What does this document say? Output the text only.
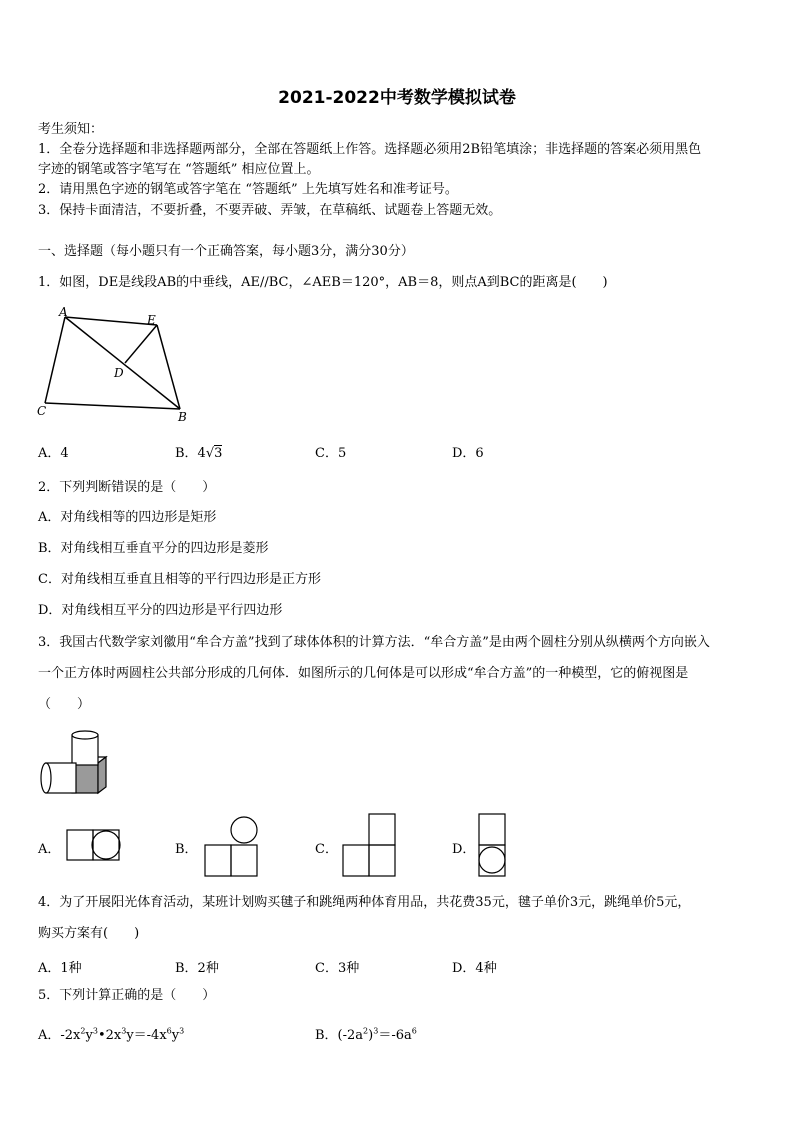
2021-2022中考数学模拟试卷
考生须知：
1．全卷分选择题和非选择题两部分，全部在答题纸上作答。选择题必须用2B铅笔填涂；非选择题的答案必须用黑色
字迹的钢笔或答字笔写在 “答题纸” 相应位置上。
2．请用黑色字迹的钢笔或答字笔在 “答题纸” 上先填写姓名和准考证号。
3．保持卡面清洁，不要折叠，不要弄破、弄皱，在草稿纸、试题卷上答题无效。
一、选择题（每小题只有一个正确答案，每小题3分，满分30分）
1．如图，DE是线段AB的中垂线，AE//BC，∠AEB＝120°，AB＝8，则点A到BC的距离是(　　)
A
E
D
C	B
A．4	B．4√3	C．5	D．6
2．下列判断错误的是（　　）
A．对角线相等的四边形是矩形
B．对角线相互垂直平分的四边形是菱形
C．对角线相互垂直且相等的平行四边形是正方形
D．对角线相互平分的四边形是平行四边形
3．我国古代数学家刘徽用“牟合方盖”找到了球体体积的计算方法．“牟合方盖”是由两个圆柱分别从纵横两个方向嵌入
一个正方体时两圆柱公共部分形成的几何体．如图所示的几何体是可以形成“牟合方盖”的一种模型，它的俯视图是
（　　）
A．	B．	C．	D．
4．为了开展阳光体育活动，某班计划购买毽子和跳绳两种体育用品，共花费35元，毽子单价3元，跳绳单价5元，
购买方案有(　　)
A．1种	B．2种	C．3种	D．4种
5．下列计算正确的是（　　）
A．$-2x^2y^3•2x^3y=-4x^6y^3$	B．$(-2a^2)^3=-6a^6$
